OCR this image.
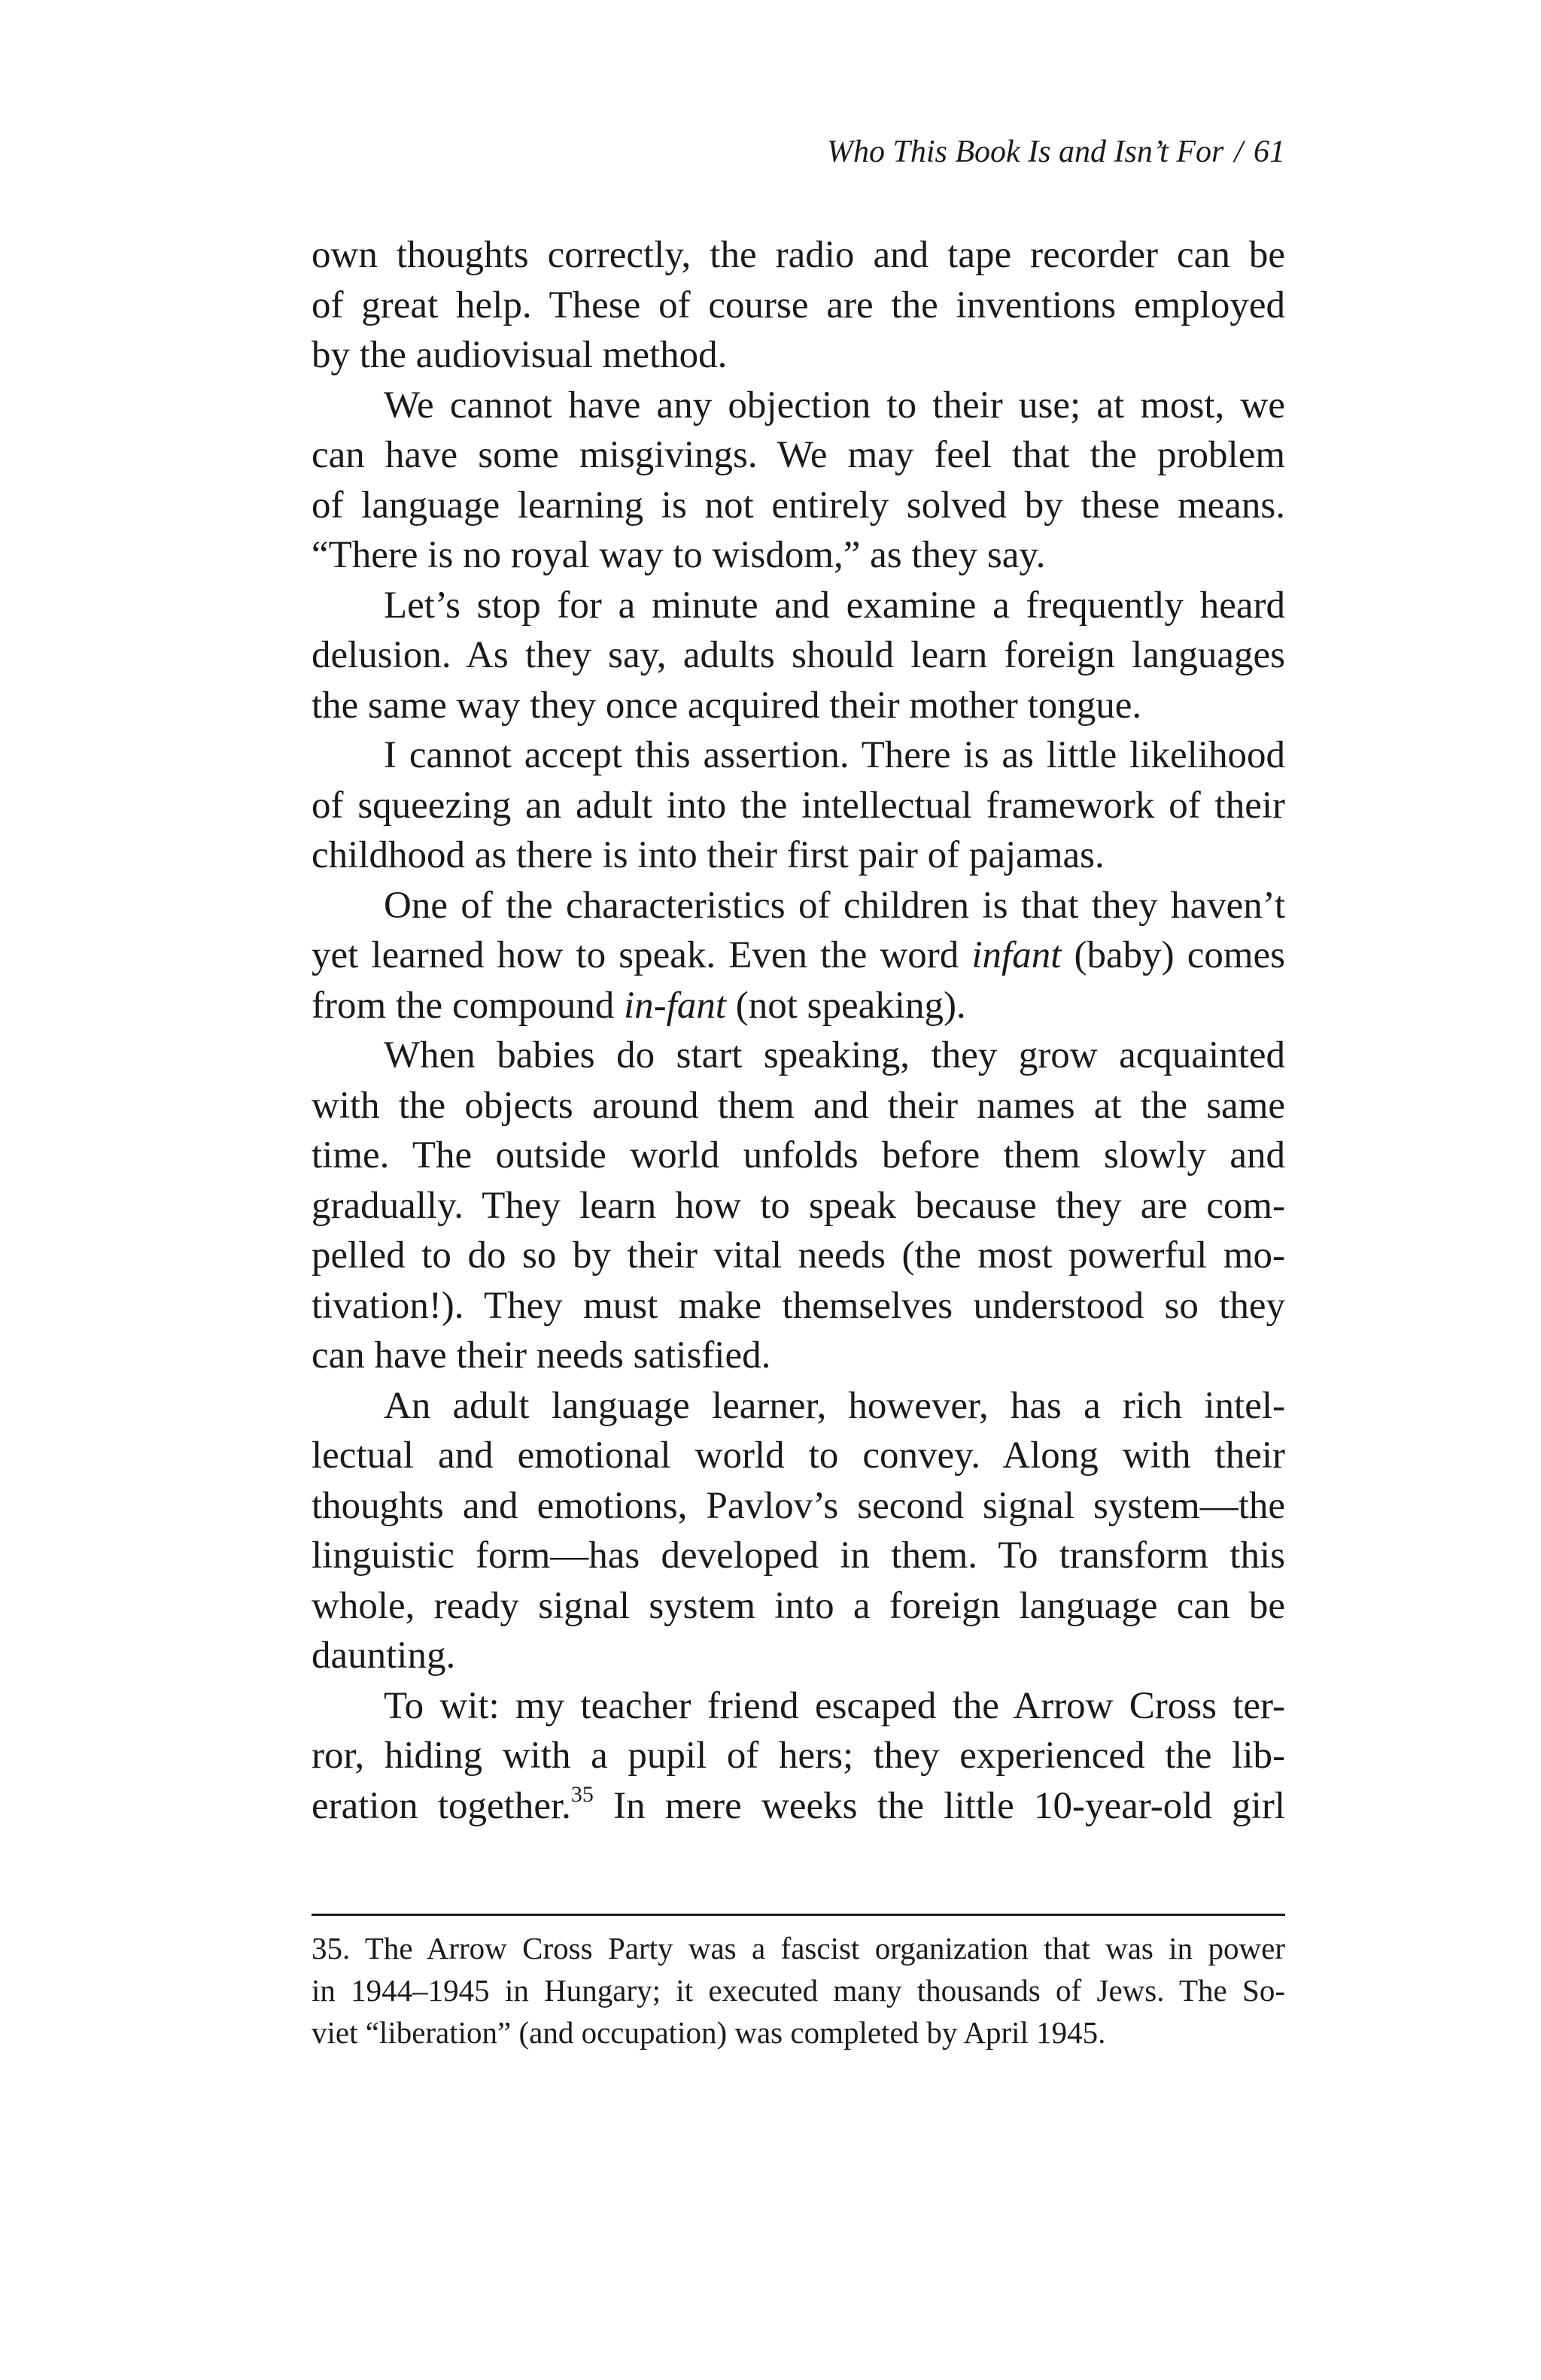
Who This Book Is and Isn’t For / 61
own thoughts correctly, the radio and tape recorder can be
of great help. These of course are the inventions employed
by the audiovisual method.
We cannot have any objection to their use; at most, we
can have some misgivings. We may feel that the problem
of language learning is not entirely solved by these means.
“There is no royal way to wisdom,” as they say.
Let’s stop for a minute and examine a frequently heard
delusion. As they say, adults should learn foreign languages
the same way they once acquired their mother tongue.
I cannot accept this assertion. There is as little likelihood
of squeezing an adult into the intellectual framework of their
childhood as there is into their first pair of pajamas.
One of the characteristics of children is that they haven’t
yet learned how to speak. Even the word infant (baby) comes
from the compound in-fant (not speaking).
When babies do start speaking, they grow acquainted
with the objects around them and their names at the same
time. The outside world unfolds before them slowly and
gradually. They learn how to speak because they are com-
pelled to do so by their vital needs (the most powerful mo-
tivation!). They must make themselves understood so they
can have their needs satisfied.
An adult language learner, however, has a rich intel-
lectual and emotional world to convey. Along with their
thoughts and emotions, Pavlov’s second signal system—the
linguistic form—has developed in them. To transform this
whole, ready signal system into a foreign language can be
daunting.
To wit: my teacher friend escaped the Arrow Cross ter-
ror, hiding with a pupil of hers; they experienced the lib-
eration together.$^{35}$ In mere weeks the little 10-year-old girl
35. The Arrow Cross Party was a fascist organization that was in power
in 1944–1945 in Hungary; it executed many thousands of Jews. The So-
viet “liberation” (and occupation) was completed by April 1945.
